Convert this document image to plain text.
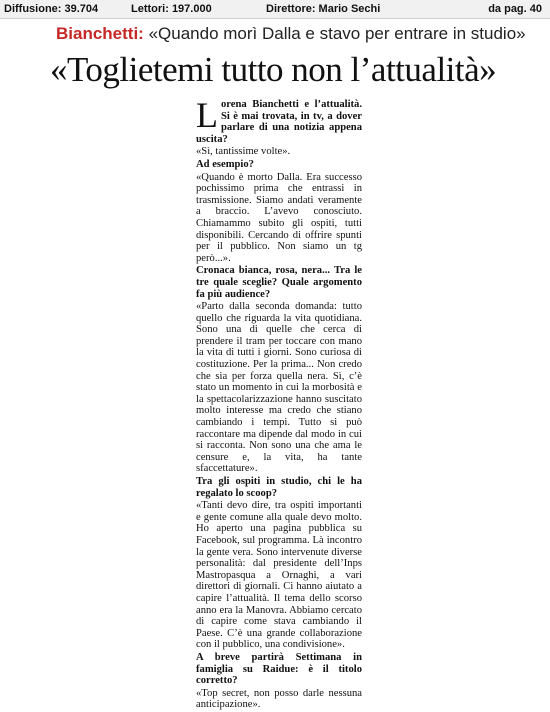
Diffusione: 39.704	Lettori: 197.000	Direttore: Mario Sechi	da pag. 40
Bianchetti: «Quando morì Dalla e stavo per entrare in studio»
«Toglietemi tutto non l’attualità»

Lorena Bianchetti e l’attualità. Si è mai trovata, in tv, a dover parlare di una notizia appena uscita?

«Sì, tantissime volte».

Ad esempio?

«Quando è morto Dalla. Era successo pochissimo prima che entrassi in trasmissione. Siamo andati veramente a braccio. L’avevo conosciuto. Chiamammo subito gli ospiti, tutti disponibili. Cercando di offrire spunti per il pubblico. Non siamo un tg però...».

Cronaca bianca, rosa, nera... Tra le tre quale sceglie? Quale argomento fa più audience?

«Parto dalla seconda domanda: tutto quello che riguarda la vita quotidiana. Sono una di quelle che cerca di prendere il tram per toccare con mano la vita di tutti i giorni. Sono curiosa di costituzione. Per la prima... Non credo che sia per forza quella nera. Sì, c’è stato un momento in cui la morbosità e la spettacolarizzazione hanno suscitato molto interesse ma credo che stiano cambiando i tempi. Tutto si può raccontare ma dipende dal modo in cui si racconta. Non sono una che ama le censure e, la vita, ha tante sfaccettature».

Tra gli ospiti in studio, chi le ha regalato lo scoop?

«Tanti devo dire, tra ospiti importanti e gente comune alla quale devo molto. Ho aperto una pagina pubblica su Facebook, sul programma. Là incontro la gente vera. Sono intervenute diverse personalità: dal presidente dell’Inps Mastropasqua a Ornaghi, a vari direttori di giornali. Ci hanno aiutato a capire l’attualità. Il tema dello scorso anno era la Manovra. Abbiamo cercato di capire come stava cambiando il Paese. C’è una grande collaborazione con il pubblico, una condivisione».

A breve partirà Settimana in famiglia su Raidue: è il titolo corretto?

«Top secret, non posso darle nessuna anticipazione».
